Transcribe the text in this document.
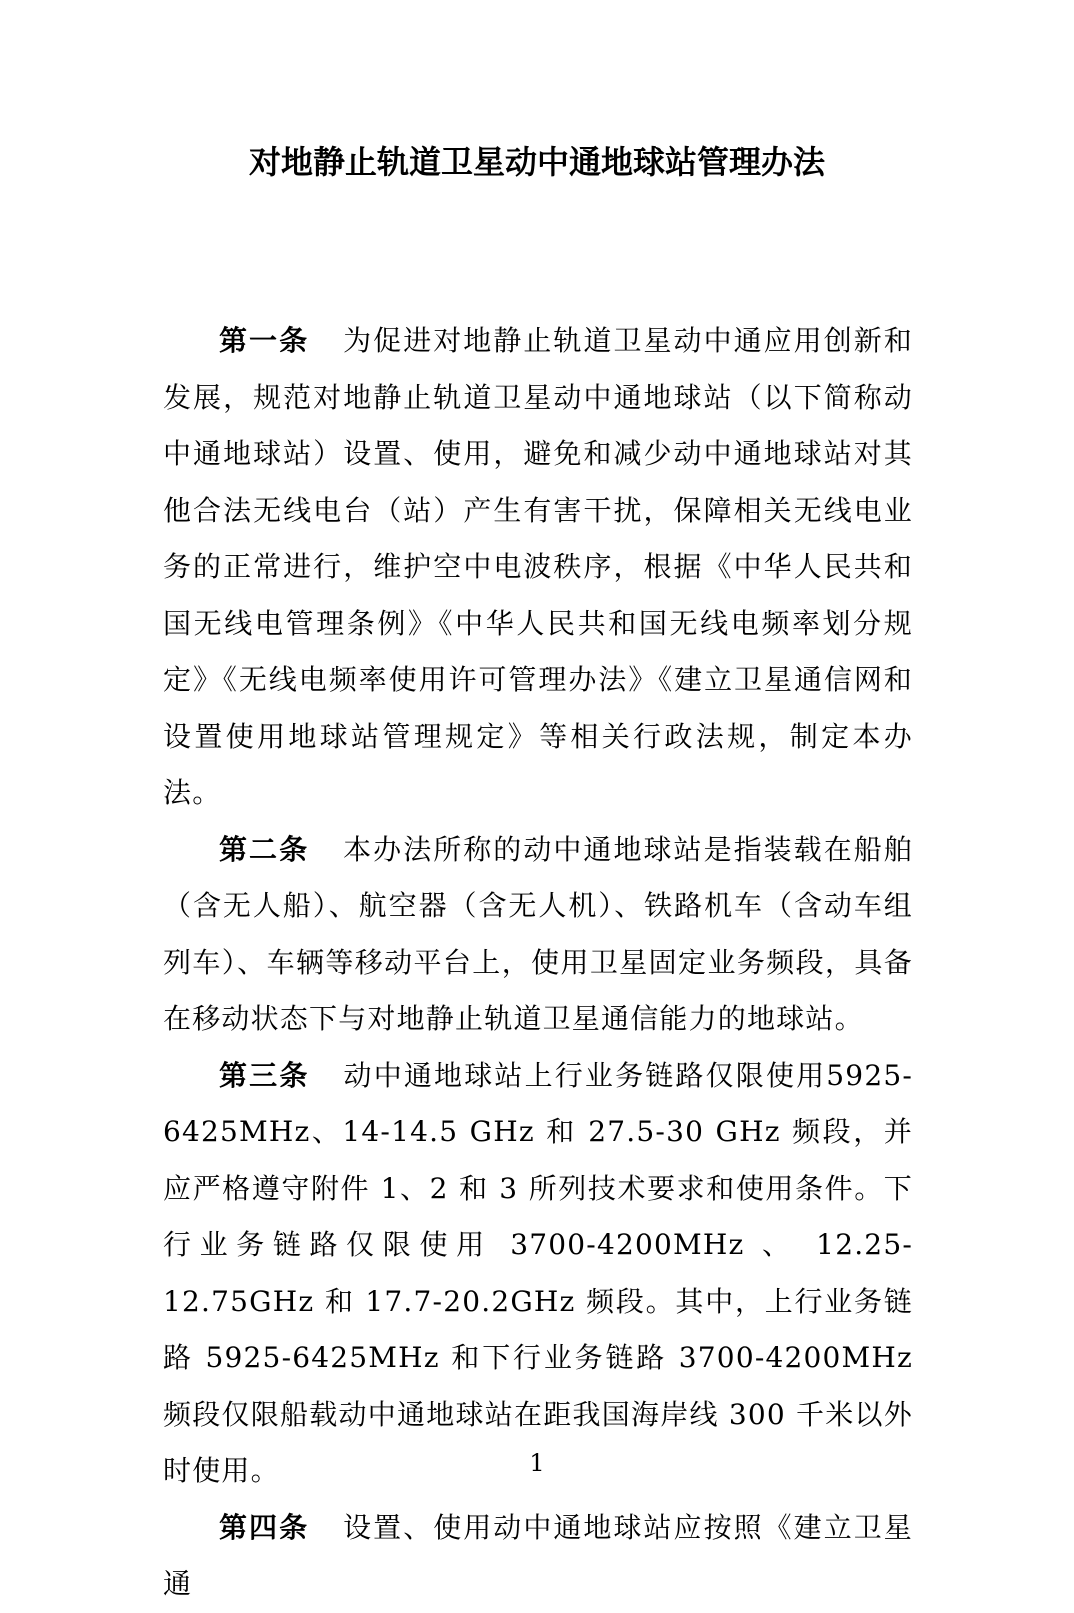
对地静止轨道卫星动中通地球站管理办法

第一条 为促进对地静止轨道卫星动中通应用创新和发展，规范对地静止轨道卫星动中通地球站（以下简称动中通地球站）设置、使用，避免和减少动中通地球站对其他合法无线电台（站）产生有害干扰，保障相关无线电业务的正常进行，维护空中电波秩序，根据《中华人民共和国无线电管理条例》《中华人民共和国无线电频率划分规定》《无线电频率使用许可管理办法》《建立卫星通信网和设置使用地球站管理规定》等相关行政法规，制定本办法。

第二条 本办法所称的动中通地球站是指装载在船舶（含无人船）、航空器（含无人机）、铁路机车（含动车组列车）、车辆等移动平台上，使用卫星固定业务频段，具备在移动状态下与对地静止轨道卫星通信能力的地球站。

第三条 动中通地球站上行业务链路仅限使用5925-6425MHz、14-14.5 GHz 和 27.5-30 GHz 频段，并应严格遵守附件 1、2 和 3 所列技术要求和使用条件。下行业务链路仅限使用 3700-4200MHz 、 12.25-12.75GHz 和 17.7-20.2GHz 频段。其中，上行业务链路 5925-6425MHz 和下行业务链路 3700-4200MHz 频段仅限船载动中通地球站在距我国海岸线 300 千米以外时使用。

第四条 设置、使用动中通地球站应按照《建立卫星通

1
